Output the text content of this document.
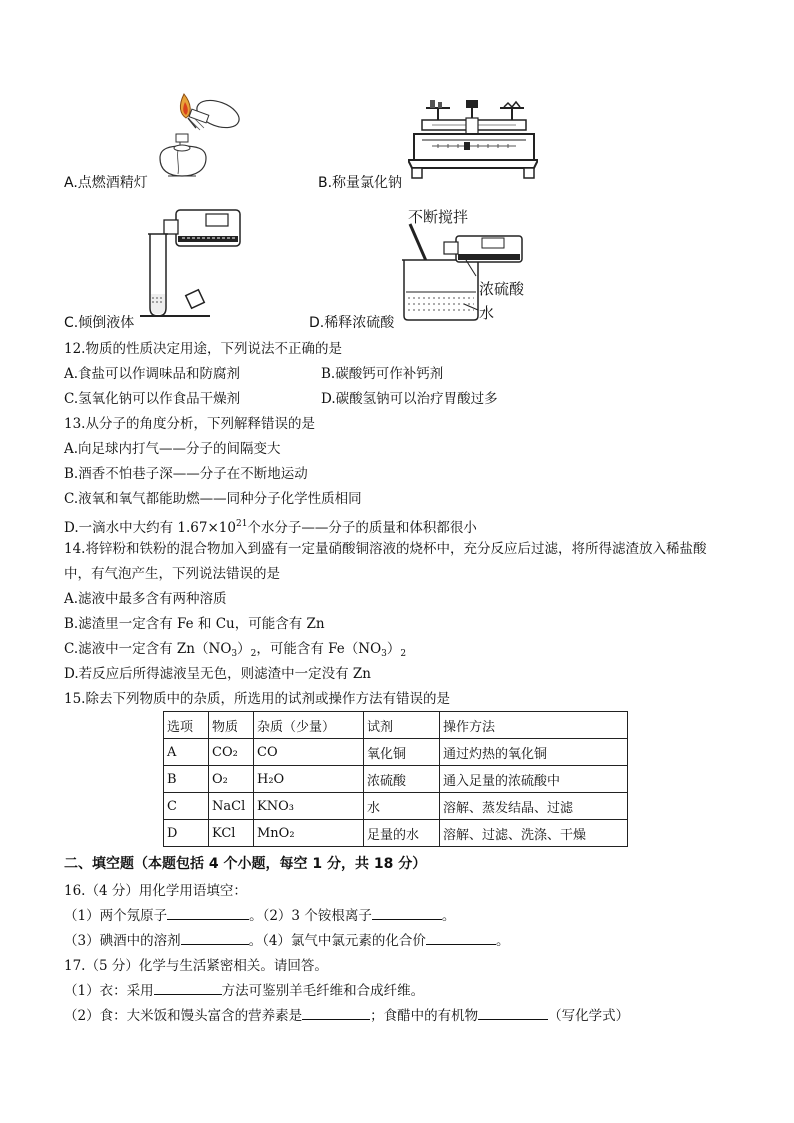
A.点燃酒精灯	B.称量氯化钠
C.倾倒液体
不断搅拌
浓硫酸
水
D.稀释浓硫酸
12.物质的性质决定用途，下列说法不正确的是
A.食盐可以作调味品和防腐剂	B.碳酸钙可作补钙剂
C.氢氧化钠可以作食品干燥剂	D.碳酸氢钠可以治疗胃酸过多
13.从分子的角度分析，下列解释错误的是
A.向足球内打气——分子的间隔变大
B.酒香不怕巷子深——分子在不断地运动
C.液氧和氧气都能助燃——同种分子化学性质相同
D.一滴水中大约有 $1.67\times 10^{21}$个水分子——分子的质量和体积都很小
14.将锌粉和铁粉的混合物加入到盛有一定量硝酸铜溶液的烧杯中，充分反应后过滤，将所得滤渣放入稀盐酸
中，有气泡产生，下列说法错误的是
A.滤液中最多含有两种溶质
B.滤渣里一定含有 Fe 和 Cu，可能含有 Zn
C.滤液中一定含有 $Zn(NO_3)_2$，可能含有 $Fe(NO_3)_2$
D.若反应后所得滤液呈无色，则滤渣中一定没有 Zn
15.除去下列物质中的杂质，所选用的试剂或操作方法有错误的是
选项	物质	杂质（少量）	试剂	操作方法
A	CO₂	CO	氧化铜	通过灼热的氧化铜
B	O₂	H₂O	浓硫酸	通入足量的浓硫酸中
C	NaCl	KNO₃	水	溶解、蒸发结晶、过滤
D	KCl	MnO₂	足量的水	溶解、过滤、洗涤、干燥
二、填空题（本题包括 4 个小题，每空 1 分，共 18 分）
16.（4 分）用化学用语填空：
（1）两个氖原子	。（2）3 个铵根离子	。
（3）碘酒中的溶剂	。（4）氯气中氯元素的化合价	。
17.（5 分）化学与生活紧密相关。请回答。
（1）衣：采用	方法可鉴别羊毛纤维和合成纤维。
（2）食：大米饭和馒头富含的营养素是	；食醋中的有机物	（写化学式）
